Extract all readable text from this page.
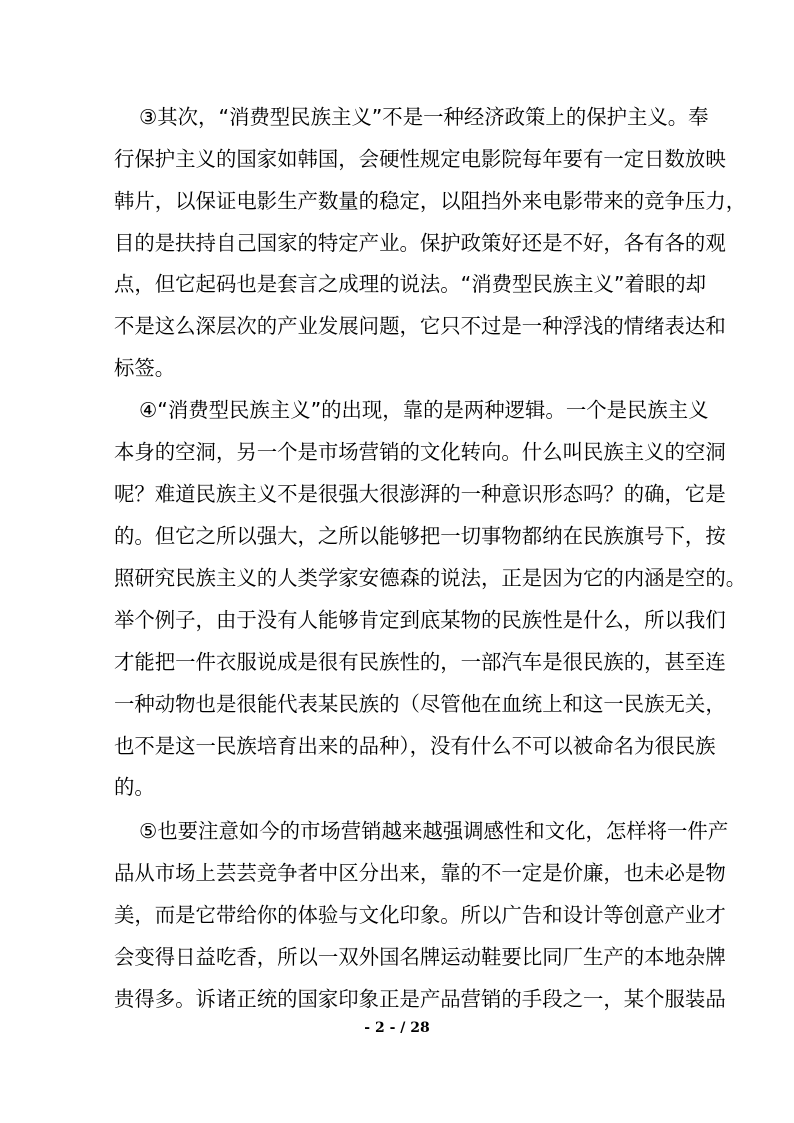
③其次，“消费型民族主义”不是一种经济政策上的保护主义。奉
行保护主义的国家如韩国，会硬性规定电影院每年要有一定日数放映
韩片，以保证电影生产数量的稳定，以阻挡外来电影带来的竞争压力，
目的是扶持自己国家的特定产业。保护政策好还是不好，各有各的观
点，但它起码也是套言之成理的说法。“消费型民族主义”着眼的却
不是这么深层次的产业发展问题，它只不过是一种浮浅的情绪表达和
标签。
④“消费型民族主义”的出现，靠的是两种逻辑。一个是民族主义
本身的空洞，另一个是市场营销的文化转向。什么叫民族主义的空洞
呢？难道民族主义不是很强大很澎湃的一种意识形态吗？的确，它是
的。但它之所以强大，之所以能够把一切事物都纳在民族旗号下，按
照研究民族主义的人类学家安德森的说法，正是因为它的内涵是空的。
举个例子，由于没有人能够肯定到底某物的民族性是什么，所以我们
才能把一件衣服说成是很有民族性的，一部汽车是很民族的，甚至连
一种动物也是很能代表某民族的（尽管他在血统上和这一民族无关，
也不是这一民族培育出来的品种），没有什么不可以被命名为很民族
的。
⑤也要注意如今的市场营销越来越强调感性和文化，怎样将一件产
品从市场上芸芸竞争者中区分出来，靠的不一定是价廉，也未必是物
美，而是它带给你的体验与文化印象。所以广告和设计等创意产业才
会变得日益吃香，所以一双外国名牌运动鞋要比同厂生产的本地杂牌
贵得多。诉诸正统的国家印象正是产品营销的手段之一，某个服装品
- 2 - / 28
